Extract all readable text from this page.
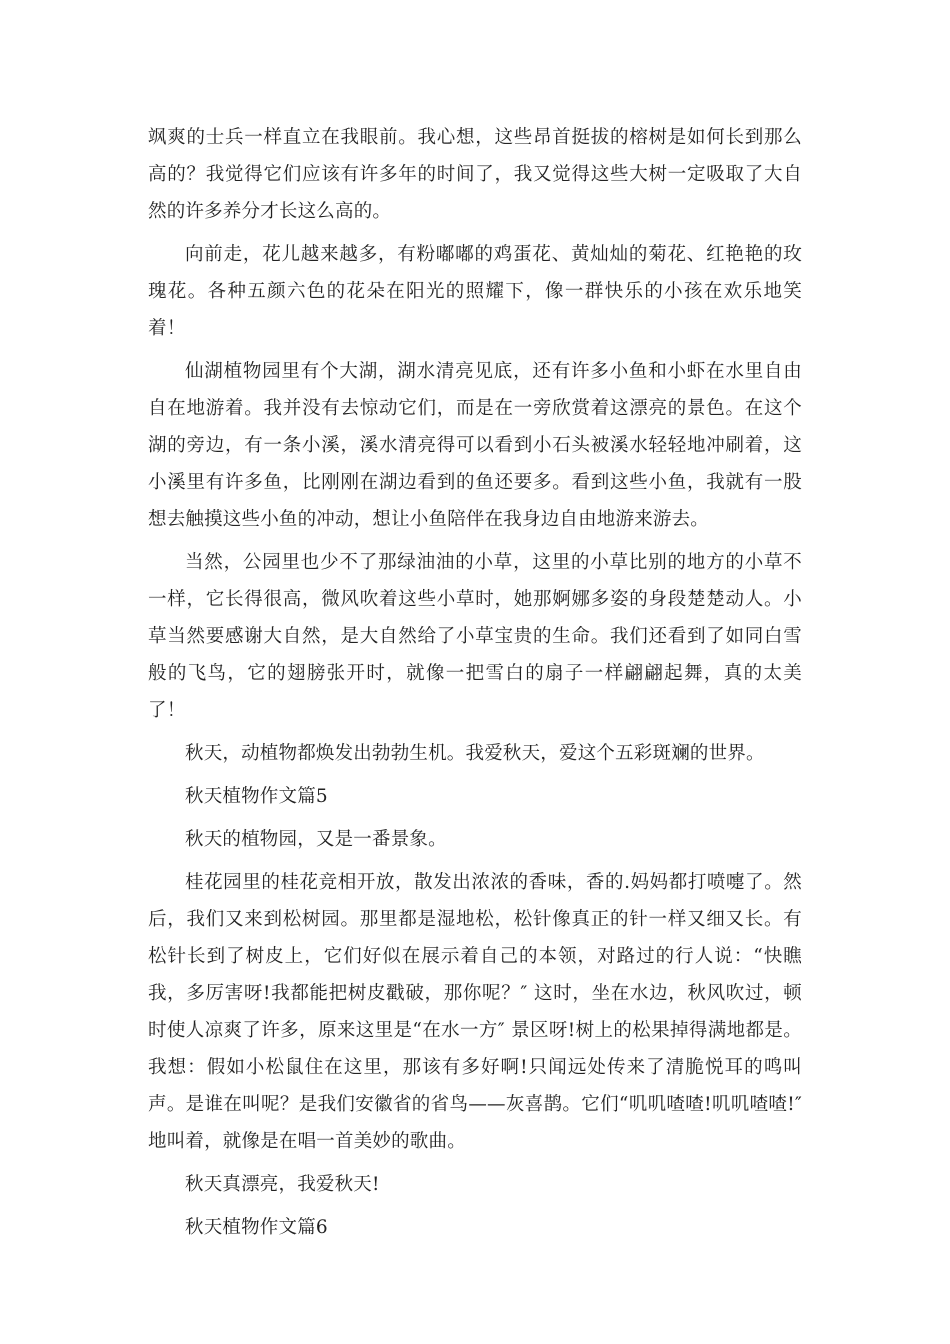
飒爽的士兵一样直立在我眼前。我心想，这些昂首挺拔的榕树是如何长到那么高的？我觉得它们应该有许多年的时间了，我又觉得这些大树一定吸取了大自然的许多养分才长这么高的。

向前走，花儿越来越多，有粉嘟嘟的鸡蛋花、黄灿灿的菊花、红艳艳的玫瑰花。各种五颜六色的花朵在阳光的照耀下，像一群快乐的小孩在欢乐地笑着！

仙湖植物园里有个大湖，湖水清亮见底，还有许多小鱼和小虾在水里自由自在地游着。我并没有去惊动它们，而是在一旁欣赏着这漂亮的景色。在这个湖的旁边，有一条小溪，溪水清亮得可以看到小石头被溪水轻轻地冲刷着，这小溪里有许多鱼，比刚刚在湖边看到的鱼还要多。看到这些小鱼，我就有一股想去触摸这些小鱼的冲动，想让小鱼陪伴在我身边自由地游来游去。

当然，公园里也少不了那绿油油的小草，这里的小草比别的地方的小草不一样，它长得很高，微风吹着这些小草时，她那婀娜多姿的身段楚楚动人。小草当然要感谢大自然，是大自然给了小草宝贵的生命。我们还看到了如同白雪般的飞鸟，它的翅膀张开时，就像一把雪白的扇子一样翩翩起舞，真的太美了！

秋天，动植物都焕发出勃勃生机。我爱秋天，爱这个五彩斑斓的世界。

秋天植物作文篇5

秋天的植物园，又是一番景象。

桂花园里的桂花竞相开放，散发出浓浓的香味，香的.妈妈都打喷嚏了。然后，我们又来到松树园。那里都是湿地松，松针像真正的针一样又细又长。有松针长到了树皮上，它们好似在展示着自己的本领，对路过的行人说：“快瞧我，多厉害呀!我都能把树皮戳破，那你呢？″ 这时，坐在水边，秋风吹过，顿时使人凉爽了许多，原来这里是“在水一方″ 景区呀!树上的松果掉得满地都是。我想：假如小松鼠住在这里，那该有多好啊!只闻远处传来了清脆悦耳的鸣叫声。是谁在叫呢？是我们安徽省的省鸟——灰喜鹊。它们“叽叽喳喳!叽叽喳喳!″ 地叫着，就像是在唱一首美妙的歌曲。

秋天真漂亮，我爱秋天!

秋天植物作文篇6
